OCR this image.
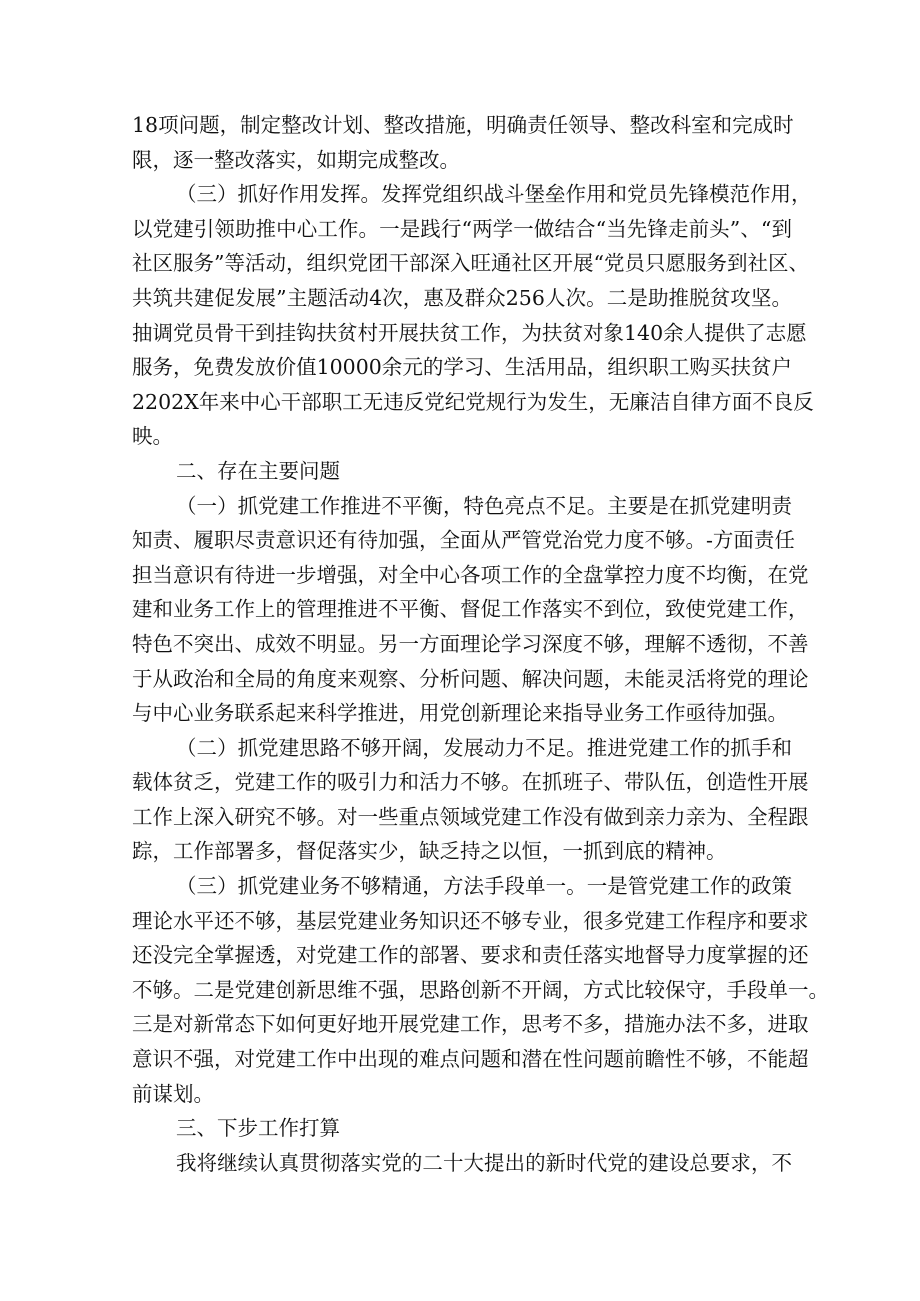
18项问题，制定整改计划、整改措施，明确责任领导、整改科室和完成时
限，逐一整改落实，如期完成整改。
（三）抓好作用发挥。发挥党组织战斗堡垒作用和党员先锋模范作用，
以党建引领助推中心工作。一是践行“两学一做结合“当先锋走前头”、“到
社区服务”等活动，组织党团干部深入旺通社区开展“党员只愿服务到社区、
共筑共建促发展”主题活动4次，惠及群众256人次。二是助推脱贫攻坚。
抽调党员骨干到挂钩扶贫村开展扶贫工作，为扶贫对象140余人提供了志愿
服务，免费发放价值10000余元的学习、生活用品，组织职工购买扶贫户
2202X年来中心干部职工无违反党纪党规行为发生，无廉洁自律方面不良反
映。
二、存在主要问题
（一）抓党建工作推进不平衡，特色亮点不足。主要是在抓党建明责
知责、履职尽责意识还有待加强，全面从严管党治党力度不够。-方面责任
担当意识有待进一步增强，对全中心各项工作的全盘掌控力度不均衡，在党
建和业务工作上的管理推进不平衡、督促工作落实不到位，致使党建工作，
特色不突出、成效不明显。另一方面理论学习深度不够，理解不透彻，不善
于从政治和全局的角度来观察、分析问题、解决问题，未能灵活将党的理论
与中心业务联系起来科学推进，用党创新理论来指导业务工作亟待加强。
（二）抓党建思路不够开阔，发展动力不足。推进党建工作的抓手和
载体贫乏，党建工作的吸引力和活力不够。在抓班子、带队伍，创造性开展
工作上深入研究不够。对一些重点领域党建工作没有做到亲力亲为、全程跟
踪，工作部署多，督促落实少，缺乏持之以恒，一抓到底的精神。
（三）抓党建业务不够精通，方法手段单一。一是管党建工作的政策
理论水平还不够，基层党建业务知识还不够专业，很多党建工作程序和要求
还没完全掌握透，对党建工作的部署、要求和责任落实地督导力度掌握的还
不够。二是党建创新思维不强，思路创新不开阔，方式比较保守，手段单一。
三是对新常态下如何更好地开展党建工作，思考不多，措施办法不多，进取
意识不强，对党建工作中出现的难点问题和潜在性问题前瞻性不够，不能超
前谋划。
三、下步工作打算
我将继续认真贯彻落实党的二十大提出的新时代党的建设总要求，不
